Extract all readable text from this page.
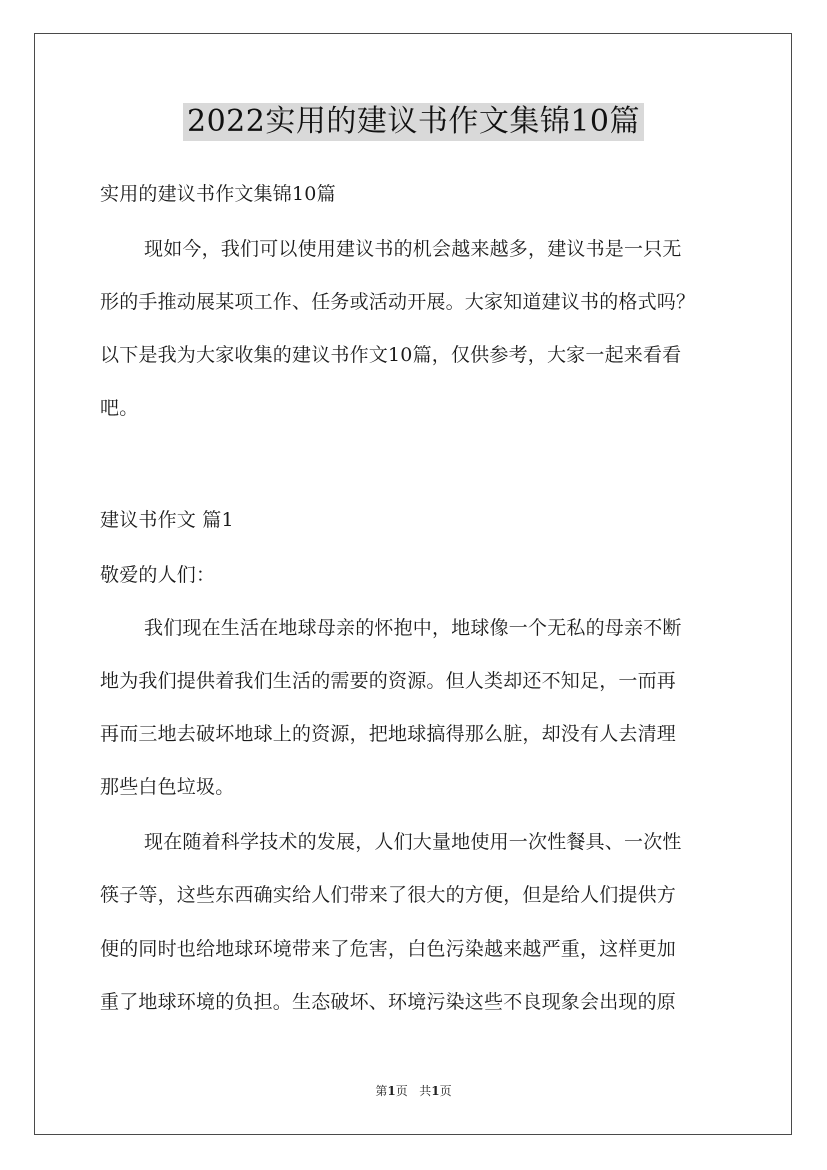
2022实用的建议书作文集锦10篇
实用的建议书作文集锦10篇
现如今，我们可以使用建议书的机会越来越多，建议书是一只无
形的手推动展某项工作、任务或活动开展。大家知道建议书的格式吗？
以下是我为大家收集的建议书作文10篇，仅供参考，大家一起来看看
吧。
建议书作文 篇1
敬爱的人们：
我们现在生活在地球母亲的怀抱中，地球像一个无私的母亲不断
地为我们提供着我们生活的需要的资源。但人类却还不知足，一而再
再而三地去破坏地球上的资源，把地球搞得那么脏，却没有人去清理
那些白色垃圾。
现在随着科学技术的发展，人们大量地使用一次性餐具、一次性
筷子等，这些东西确实给人们带来了很大的方便，但是给人们提供方
便的同时也给地球环境带来了危害，白色污染越来越严重，这样更加
重了地球环境的负担。生态破坏、环境污染这些不良现象会出现的原
第1页 共1页
